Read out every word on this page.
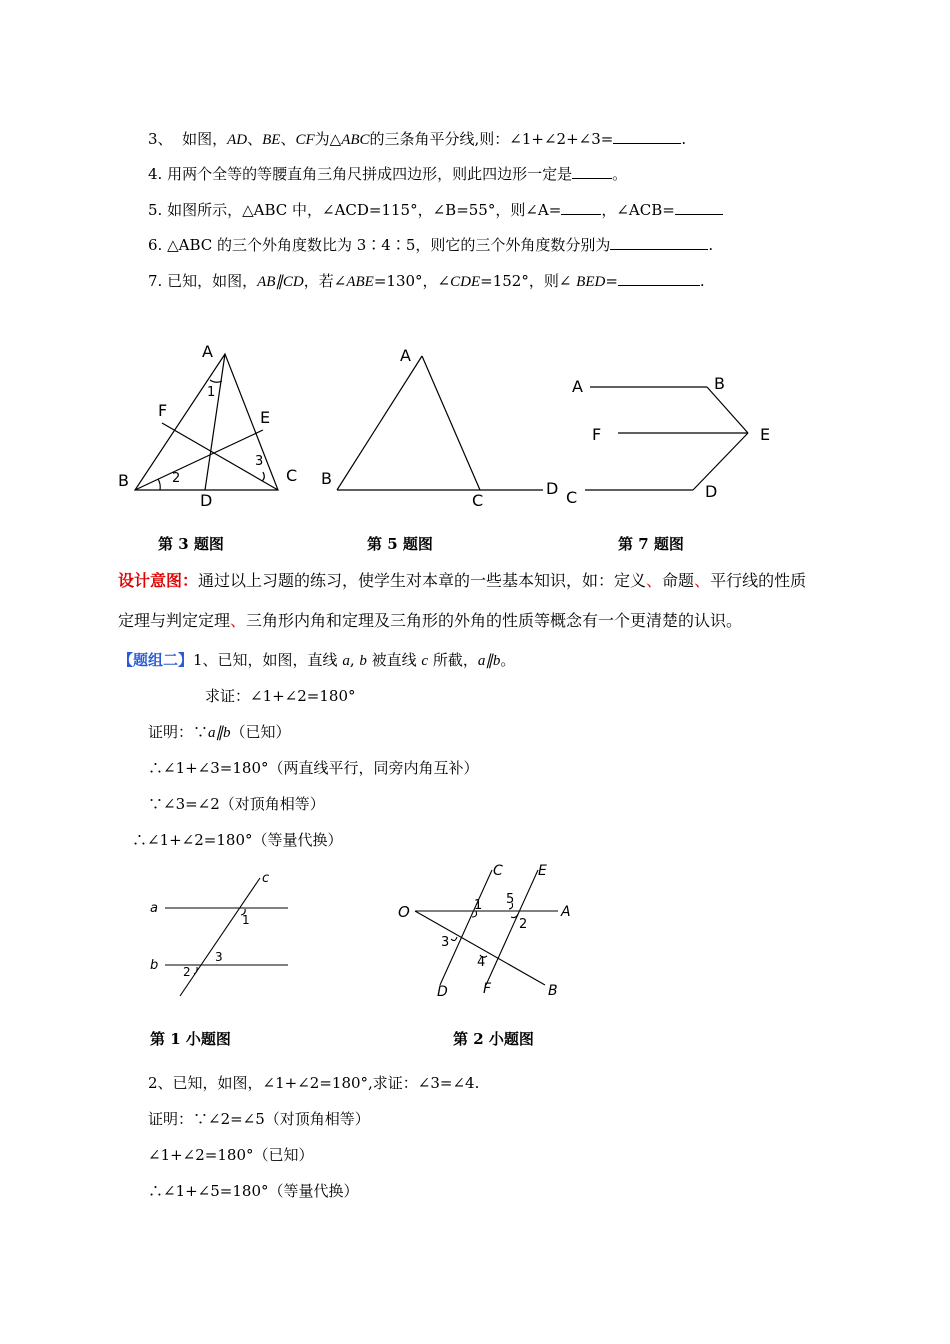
3、 如图，AD、BE、CF为△ABC的三条角平分线,则：∠1+∠2+∠3=	.
4. 用两个全等的等腰直角三角尺拼成四边形，则此四边形一定是	。
5. 如图所示，△ABC 中，∠ACD=115°，∠B=55°，则∠A=	，∠ACB=
6. △ABC 的三个外角度数比为 3∶4∶5，则它的三个外角度数分别为	.
7. 已知，如图，AB∥CD，若∠ABE=130°，∠CDE=152°，则∠ BED=	.
A
B	C
D
E
F
1
2
3
A
B
C
D
A	B
F	E
C	D
第 3 题图	第 5 题图	第 7 题图
设计意图：通过以上习题的练习，使学生对本章的一些基本知识，如：定义、命题、平行线的性质
定理与判定定理、三角形内角和定理及三角形的外角的性质等概念有一个更清楚的认识。
【题组二】1、已知，如图，直线 a, b 被直线 c 所截，a∥b。
求证：∠1+∠2=180°
证明：∵a∥b（已知）
∴∠1+∠3=180°（两直线平行，同旁内角互补）
∵∠3=∠2（对顶角相等）
∴∠1+∠2=180°（等量代换）
a
b
c
1
2
3
O	A
B
C
D
E
F
1
2
3
4
5
第 1 小题图	第 2 小题图
2、已知，如图，∠1+∠2=180°,求证：∠3=∠4.
证明：∵∠2=∠5（对顶角相等）
∠1+∠2=180°（已知）
∴∠1+∠5=180°（等量代换）
